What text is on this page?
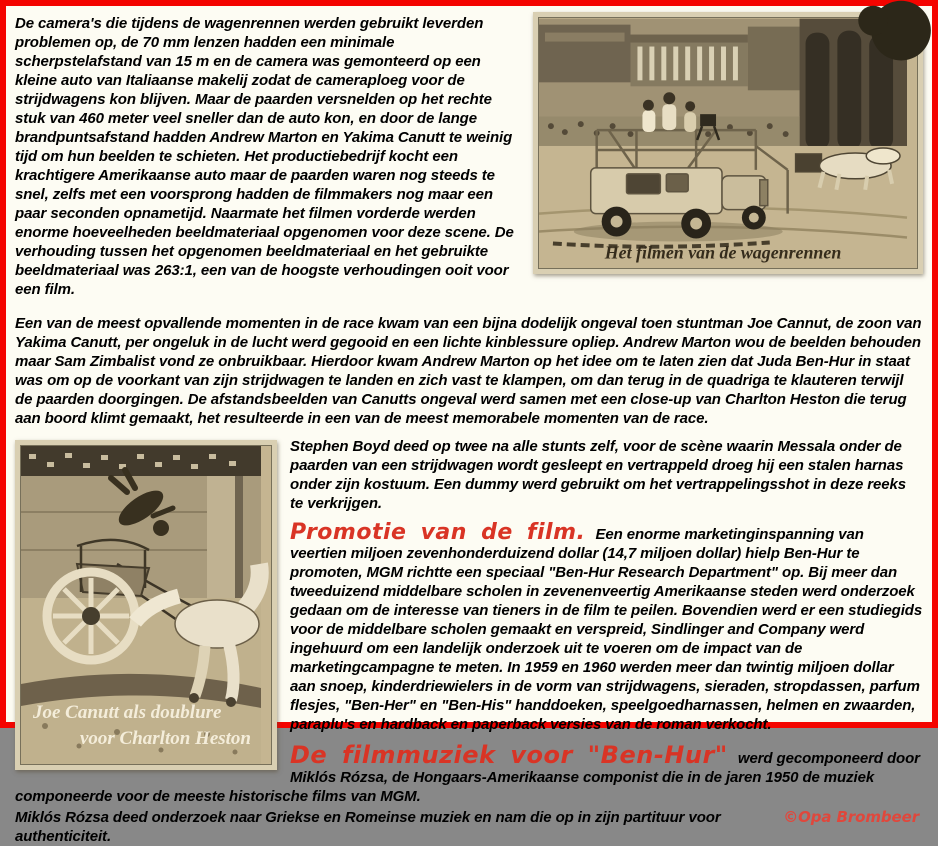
Het filmen van de wagenrennen

De camera's die tijdens de wagenrennen werden gebruikt leverden problemen op, de 70 mm lenzen hadden een minimale scherpstelafstand van 15 m en de camera was gemonteerd op een kleine auto van Italiaanse makelij zodat de cameraploeg voor de strijdwagens kon blijven. Maar de paarden versnelden op het rechte stuk van 460 meter veel sneller dan de auto kon, en door de lange brandpuntsafstand hadden Andrew Marton en Yakima Canutt te weinig tijd om hun beelden te schieten. Het productiebedrijf kocht een krachtigere Amerikaanse auto maar de paarden waren nog steeds te snel, zelfs met een voorsprong hadden de filmmakers nog maar een paar seconden opnametijd. Naarmate het filmen vorderde werden enorme hoeveelheden beeldmateriaal opgenomen voor deze scene. De verhouding tussen het opgenomen beeldmateriaal en het gebruikte beeldmateriaal was 263:1, een van de hoogste verhoudingen ooit voor een film.

Een van de meest opvallende momenten in de race kwam van een bijna dodelijk ongeval toen stuntman Joe Cannut, de zoon van Yakima Canutt, per ongeluk in de lucht werd gegooid en een lichte kinblessure opliep. Andrew Marton wou de beelden behouden maar Sam Zimbalist vond ze onbruikbaar. Hierdoor kwam Andrew Marton op het idee om te laten zien dat Juda Ben-Hur in staat was om op de voorkant van zijn strijdwagen te landen en zich vast te klampen, om dan terug in de quadriga te klauteren terwijl de paarden doorgingen. De afstandsbeelden van Canutts ongeval werd samen met een close-up van Charlton Heston die terug aan boord klimt gemaakt, het resulteerde in een van de meest memorabele momenten van de race.

Joe Canutt als doublure
voor Charlton Heston

Stephen Boyd deed op twee na alle stunts zelf, voor de scène waarin Messala onder de paarden van een strijdwagen wordt gesleept en vertrappeld droeg hij een stalen harnas onder zijn kostuum. Een dummy werd gebruikt om het vertrappelingsshot in deze reeks te verkrijgen.

Promotie van de film. Een enorme marketinginspanning van veertien miljoen zevenhonderduizend dollar (14,7 miljoen dollar) hielp Ben-Hur te promoten, MGM richtte een speciaal "Ben-Hur Research Department" op. Bij meer dan tweeduizend middelbare scholen in zevenenveertig Amerikaanse steden werd onderzoek gedaan om de interesse van tieners in de film te peilen. Bovendien werd er een studiegids voor de middelbare scholen gemaakt en verspreid, Sindlinger and Company werd ingehuurd om een landelijk onderzoek uit te voeren om de impact van de marketingcampagne te meten. In 1959 en 1960 werden meer dan twintig miljoen dollar aan snoep, kinderdriewielers in de vorm van strijdwagens, sieraden, stropdassen, parfum flesjes, "Ben-Her" en "Ben-His" handdoeken, speelgoedharnassen, helmen en zwaarden, paraplu's en hardback en paperback versies van de roman verkocht.

De filmmuziek voor "Ben-Hur" werd gecomponeerd door Miklós Rózsa, de Hongaars-Amerikaanse componist die in de jaren 1950 de muziek componeerde voor de meeste historische films van MGM.

©Opa Brombeer
Miklós Rózsa deed onderzoek naar Griekse en Romeinse muziek en nam die op in zijn partituur voor authenticiteit.
